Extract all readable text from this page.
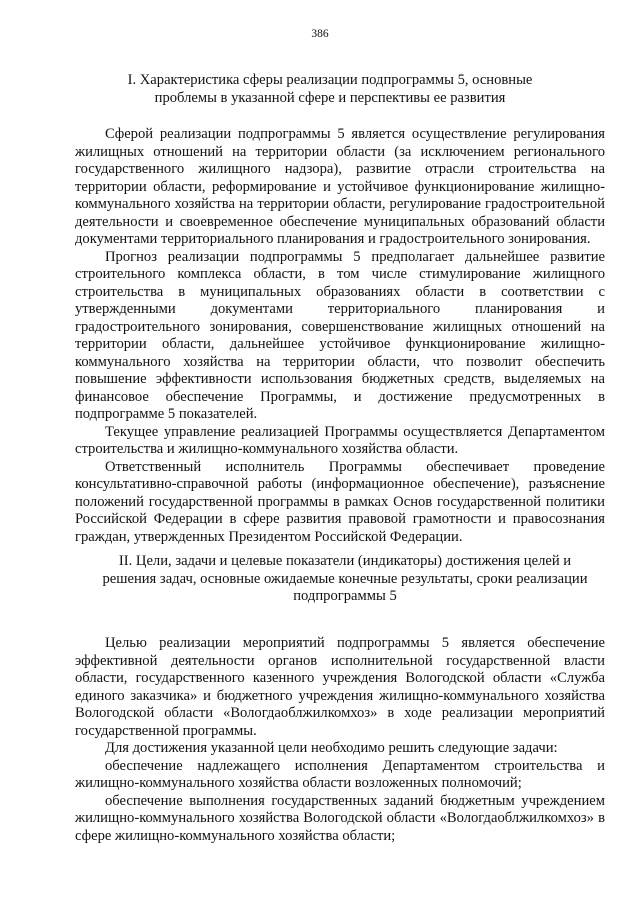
386
I. Характеристика сферы реализации подпрограммы 5, основные
проблемы в указанной сфере и перспективы ее развития

Сферой реализации подпрограммы 5 является осуществление регулирования жилищных отношений на территории области (за исключением регионального государственного жилищного надзора), развитие отрасли строительства на территории области, реформирование и устойчивое функционирование жилищно-коммунального хозяйства на территории области, регулирование градостроительной деятельности и своевременное обеспечение муниципальных образований области документами территориального планирования и градостроительного зонирования.

Прогноз реализации подпрограммы 5 предполагает дальнейшее развитие строительного комплекса области, в том числе стимулирование жилищного строительства в муниципальных образованиях области в соответствии с утвержденными документами территориального планирования и градостроительного зонирования, совершенствование жилищных отношений на территории области, дальнейшее устойчивое функционирование жилищно-коммунального хозяйства на территории области, что позволит обеспечить повышение эффективности использования бюджетных средств, выделяемых на финансовое обеспечение Программы, и достижение предусмотренных в подпрограмме 5 показателей.

Текущее управление реализацией Программы осуществляется Департаментом строительства и жилищно-коммунального хозяйства области.

Ответственный исполнитель Программы обеспечивает проведение консультативно-справочной работы (информационное обеспечение), разъяснение положений государственной программы в рамках Основ государственной политики Российской Федерации в сфере развития правовой грамотности и правосознания граждан, утвержденных Президентом Российской Федерации.

II. Цели, задачи и целевые показатели (индикаторы) достижения целей и
решения задач, основные ожидаемые конечные результаты, сроки реализации
подпрограммы 5

Целью реализации мероприятий подпрограммы 5 является обеспечение эффективной деятельности органов исполнительной государственной власти области, государственного казенного учреждения Вологодской области «Служба единого заказчика» и бюджетного учреждения жилищно-коммунального хозяйства Вологодской области «Вологдаоблжилкомхоз» в ходе реализации мероприятий государственной программы.

Для достижения указанной цели необходимо решить следующие задачи:

обеспечение надлежащего исполнения Департаментом строительства и жилищно-коммунального хозяйства области возложенных полномочий;

обеспечение выполнения государственных заданий бюджетным учреждением жилищно-коммунального хозяйства Вологодской области «Вологдаоблжилкомхоз» в сфере жилищно-коммунального хозяйства области;
